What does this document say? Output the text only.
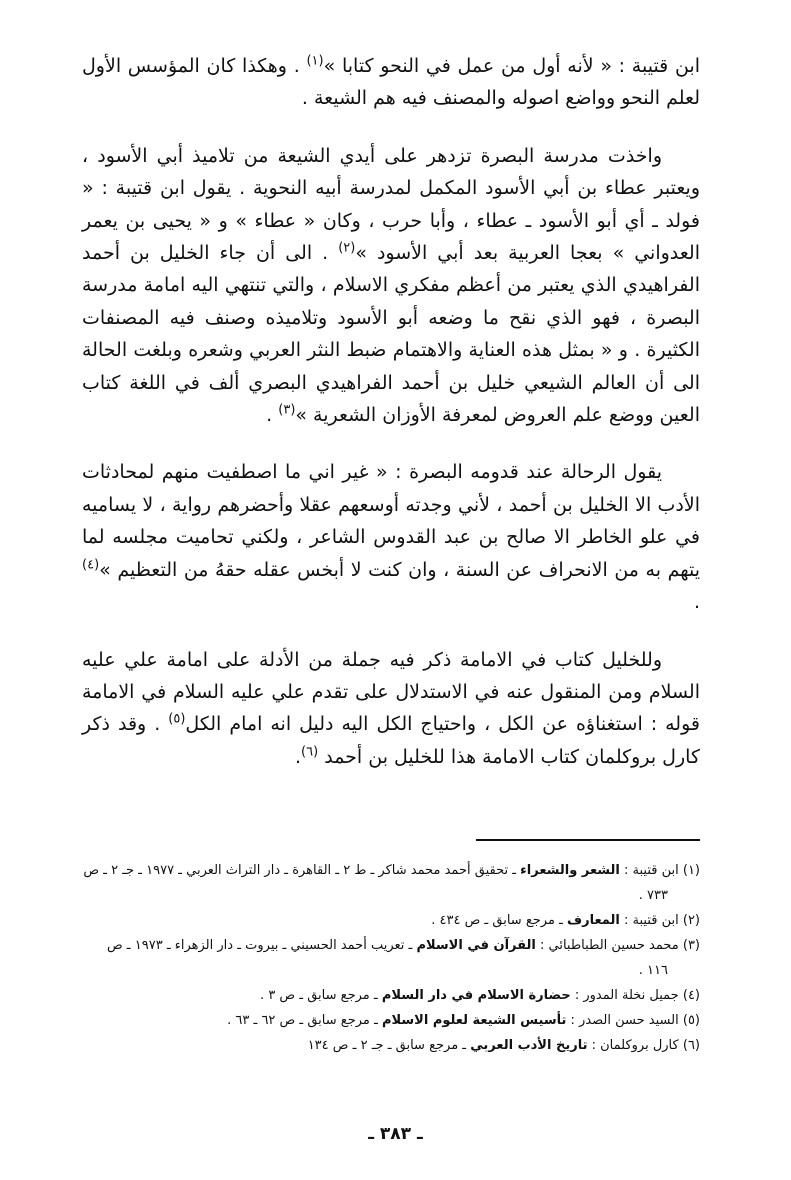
ابن قتيبة : « لأنه أول من عمل في النحو كتابا »$^{(١)}$ . وهكذا كان المؤسس الأول لعلم النحو وواضع اصوله والمصنف فيه هم الشيعة .

واخذت مدرسة البصرة تزدهر على أيدي الشيعة من تلاميذ أبي الأسود ، ويعتبر عطاء بن أبي الأسود المكمل لمدرسة أبيه النحوية . يقول ابن قتيبة : « فولد ـ أي أبو الأسود ـ عطاء ، وأبا حرب ، وكان « عطاء » و « يحيى بن يعمر العدواني » بعجا العربية بعد أبي الأسود »$^{(٢)}$ . الى أن جاء الخليل بن أحمد الفراهيدي الذي يعتبر من أعظم مفكري الاسلام ، والتي تنتهي اليه امامة مدرسة البصرة ، فهو الذي نقح ما وضعه أبو الأسود وتلاميذه وصنف فيه المصنفات الكثيرة . و « بمثل هذه العناية والاهتمام ضبط النثر العربي وشعره وبلغت الحالة الى أن العالم الشيعي خليل بن أحمد الفراهيدي البصري ألف في اللغة كتاب العين ووضع علم العروض لمعرفة الأوزان الشعرية »$^{(٣)}$ .

يقول الرحالة عند قدومه البصرة : « غير اني ما اصطفيت منهم لمحادثات الأدب الا الخليل بن أحمد ، لأني وجدته أوسعهم عقلا وأحضرهم رواية ، لا يساميه في علو الخاطر الا صالح بن عبد القدوس الشاعر ، ولكني تحاميت مجلسه لما يتهم به من الانحراف عن السنة ، وان كنت لا أبخس عقله حقهُ من التعظيم »$^{(٤)}$ .

وللخليل كتاب في الامامة ذكر فيه جملة من الأدلة على امامة علي عليه السلام ومن المنقول عنه في الاستدلال على تقدم علي عليه السلام في الامامة قوله : استغناؤه عن الكل ، واحتياج الكل اليه دليل انه امام الكل$^{(٥)}$ . وقد ذكر كارل بروكلمان كتاب الامامة هذا للخليل بن أحمد $^{(٦)}$.

(١) ابن قتيبة : الشعر والشعراء ـ تحقيق أحمد محمد شاكر ـ ط ٢ ـ القاهرة ـ دار التراث العربي ـ ١٩٧٧ ـ جـ ٢ ـ ص ٧٣٣ .
(٢) ابن قتيبة : المعارف ـ مرجع سابق ـ ص ٤٣٤ .
(٣) محمد حسين الطباطبائي : القرآن في الاسلام ـ تعريب أحمد الحسيني ـ بيروت ـ دار الزهراء ـ ١٩٧٣ ـ ص ١١٦ .
(٤) جميل نخلة المدور : حضارة الاسلام في دار السلام ـ مرجع سابق ـ ص ٣ .
(٥) السيد حسن الصدر : تأسيس الشيعة لعلوم الاسلام ـ مرجع سابق ـ ص ٦٢ ـ ٦٣ .
(٦) كارل بروكلمان : تاريخ الأدب العربي ـ مرجع سابق ـ جـ ٢ ـ ص ١٣٤
ـ ٣٨٣ ـ
